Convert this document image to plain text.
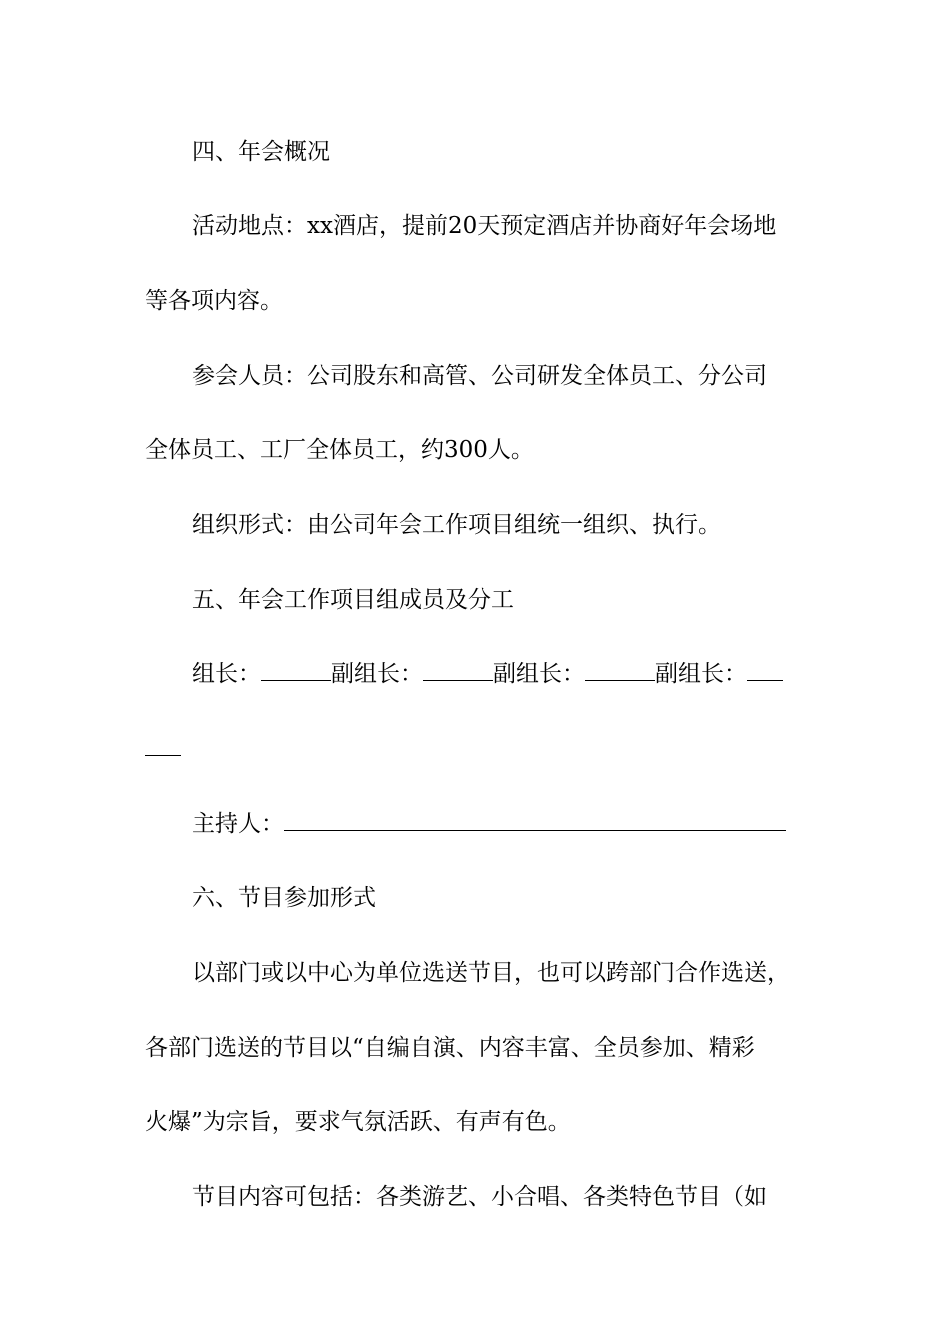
四、年会概况
活动地点：xx酒店，提前20天预定酒店并协商好年会场地
等各项内容。
参会人员：公司股东和高管、公司研发全体员工、分公司
全体员工、工厂全体员工，约300人。
组织形式：由公司年会工作项目组统一组织、执行。
五、年会工作项目组成员及分工
组长：	副组长：	副组长：	副组长：
主持人：
六、节目参加形式
以部门或以中心为单位选送节目，也可以跨部门合作选送，
各部门选送的节目以“自编自演、内容丰富、全员参加、精彩
火爆”为宗旨，要求气氛活跃、有声有色。
节目内容可包括：各类游艺、小合唱、各类特色节目（如
